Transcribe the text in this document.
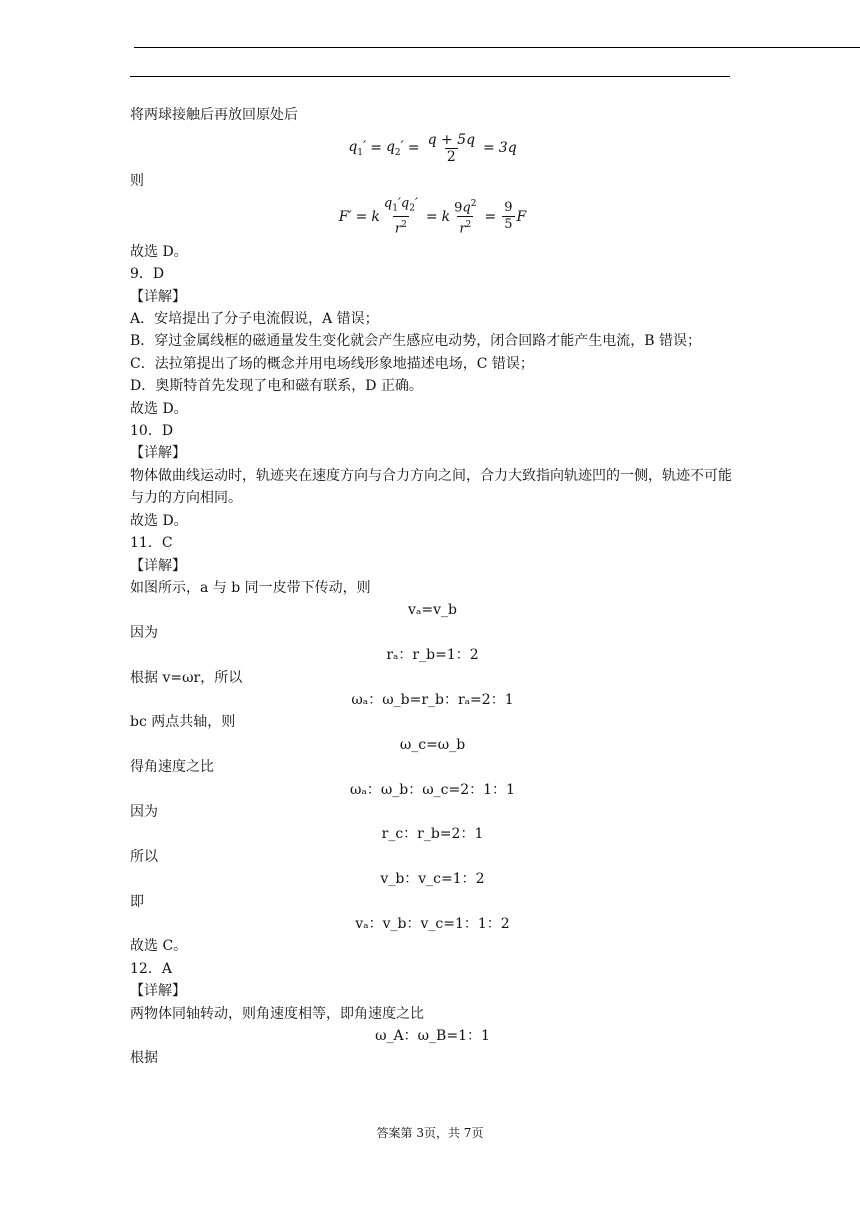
将两球接触后再放回原处后
$q_1' = q_2' = \frac{q + 5q}{2} = 3q$
则
F′ = k $\frac{q_1'q_2'}{r^2} = k \frac{9q^2}{r^2} = \frac{9}{5}$ F
故选 D。
9．D
【详解】
A．安培提出了分子电流假说，A 错误；
B．穿过金属线框的磁通量发生变化就会产生感应电动势，闭合回路才能产生电流，B 错误；
C．法拉第提出了场的概念并用电场线形象地描述电场，C 错误；
D．奥斯特首先发现了电和磁有联系，D 正确。
故选 D。
10．D
【详解】
物体做曲线运动时，轨迹夹在速度方向与合力方向之间，合力大致指向轨迹凹的一侧，轨迹不可能与力的方向相同。
故选 D。
11．C
【详解】
如图所示，a 与 b 同一皮带下传动，则
vₐ=v_b
因为
rₐ：r_b=1：2
根据 v=ωr，所以
ωₐ：ω_b=r_b：rₐ=2：1
bc 两点共轴，则
ω_c=ω_b
得角速度之比
ωₐ：ω_b：ω_c=2：1：1
因为
r_c：r_b=2：1
所以
v_b：v_c=1：2
即
vₐ：v_b：v_c=1：1：2
故选 C。
12．A
【详解】
两物体同轴转动，则角速度相等，即角速度之比
ω_A：ω_B=1：1
根据
答案第 3页，共 7页
